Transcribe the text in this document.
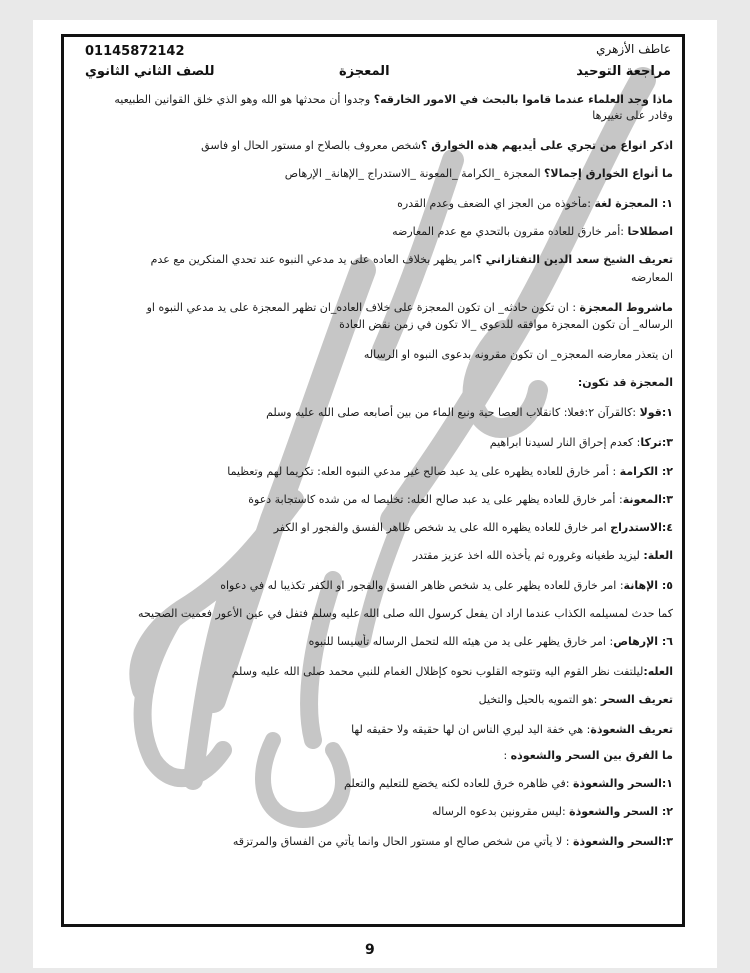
01145872142	عاطف الأزهري
للصف الثاني الثانوي	المعجزة	مراجعة التوحيد
ماذا وجد العلماء عندما قاموا بالبحث في الامور الخارقه؟ وجدوا أن محدثها هو الله وهو الذي خلق القوانين الطبيعيه
وقادر على تغييرها
اذكر انواع من تجري على أيديهم هذه الخوارق ؟شخص معروف بالصلاح او مستور الحال او فاسق
ما أنواع الخوارق إجمالا؟ المعجزة _الكرامة _المعونة _الاستدراج _الإهانة_ الإرهاص
١: المعجزة لغة :مأخوذه من العجز اي الضعف وعدم القدره
اصطلاحا :أمر خارق للعاده مقرون بالتحدي مع عدم المعارضه
تعريف الشيخ سعد الدين التفتازاني ؟امر يظهر بخلاف العاده على يد مدعي النبوه عند تحدي المنكرين مع عدم
المعارضه
ماشروط المعجزة : ان تكون حادثه_ ان تكون المعجزة على خلاف العاده_ان تظهر المعجزة على يد مدعي النبوه او
الرساله_ أن تكون المعجزة موافقه للدعوي _الا تكون في زمن نقض العادة
ان يتعذر معارضه المعجزه_ ان تكون مقرونه بدعوى النبوه او الرساله
المعجزة قد تكون:
١:قولا :كالقرآن ٢:فعلا: كانقلاب العصا حية ونبع الماء من بين أصابعه صلى الله عليه وسلم
٣:تركا: كعدم إحراق النار لسيدنا ابراهيم
٢: الكرامة : أمر خارق للعاده يظهره على يد عبد صالح غير مدعي النبوه العله: تكريما لهم وتعظيما
٣:المعونة: أمر خارق للعاده يظهر على يد عبد صالح العله: تخليصا له من شده كاستجابة دعوة
٤:الاستدراج امر خارق للعاده يظهره الله على يد شخص ظاهر الفسق والفجور او الكفر
العلة: ليزيد طغيانه وغروره ثم يأخذه الله اخذ عزيز مقتدر
٥: الإهانة: امر خارق للعاده يظهر على يد شخص ظاهر الفسق والفجور او الكفر تكذيبا له في دعواه
كما حدث لمسيلمه الكذاب عندما اراد ان يفعل كرسول الله صلى الله عليه وسلم فتفل في عين الأعور فعميت الصحيحه
٦: الإرهاص: امر خارق يظهر على يد من هيئه الله لتحمل الرساله تأسيسا للنبوه
العله:ليلتفت نظر القوم اليه وتتوجه القلوب نحوه كإظلال الغمام للنبي محمد صلى الله عليه وسلم
تعريف السحر :هو التمويه بالحيل والتخيل
تعريف الشعوذة: هي خفة اليد ليري الناس ان لها حقيقه ولا حقيقه لها
ما الفرق بين السحر والشعوذه :
١:السحر والشعوذة :في ظاهره خرق للعاده لكنه يخضع للتعليم والتعلم
٢: السحر والشعوذة :ليس مقرونين بدعوه الرساله
٣:السحر والشعوذة : لا يأتي من شخص صالح او مستور الحال وانما يأتي من الفساق والمرتزقه
9
